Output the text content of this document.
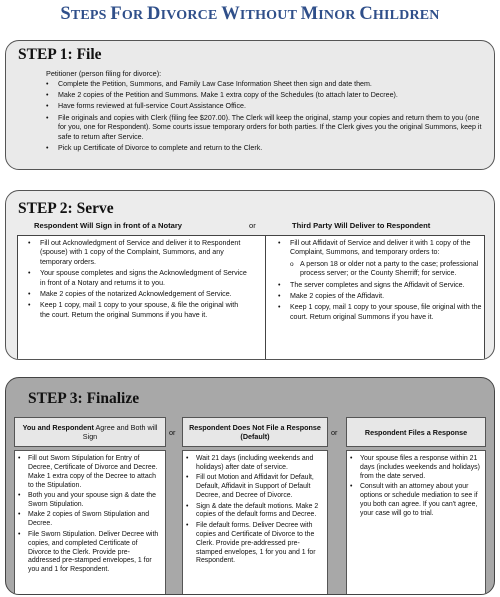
STEPS FOR DIVORCE WITHOUT MINOR CHILDREN
STEP 1: File
Petitioner (person filing for divorce):
• Complete the Petition, Summons, and Family Law Case Information Sheet then sign and date them.
• Make 2 copies of the Petition and Summons. Make 1 extra copy of the Schedules (to attach later to Decree).
• Have forms reviewed at full-service Court Assistance Office.
• File originals and copies with Clerk (filing fee $207.00). The Clerk will keep the original, stamp your copies and return them to you (one for you, one for Respondent). Some courts issue temporary orders for both parties. If the Clerk gives you the original Summons, keep it safe to return after Service.
• Pick up Certificate of Divorce to complete and return to the Clerk.
STEP 2: Serve
Respondent Will Sign in front of a Notary	or	Third Party Will Deliver to Respondent
• Fill out Acknowledgment of Service and deliver it to Respondent (spouse) with 1 copy of the Complaint, Summons, and any temporary orders.
• Your spouse completes and signs the Acknowledgment of Service in front of a Notary and returns it to you.
• Make 2 copies of the notarized Acknowledgement of Service.
• Keep 1 copy, mail 1 copy to your spouse, & file the original with the court. Return the original Summons if you have it.
• Fill out Affidavit of Service and deliver it with 1 copy of the Complaint, Summons, and temporary orders to:
o A person 18 or older not a party to the case; professional process server; or the County Sherriff; for service.
• The server completes and signs the Affidavit of Service.
• Make 2 copies of the Affidavit.
• Keep 1 copy, mail 1 copy to your spouse, file original with the court. Return original Summons if you have it.
STEP 3: Finalize
You and Respondent Agree and Both will Sign	or
Respondent Does Not File a Response (Default)	or	Respondent Files a Response
• Fill out Sworn Stipulation for Entry of Decree, Certificate of Divorce and Decree. Make 1 extra copy of the Decree to attach to the Stipulation.
• Both you and your spouse sign & date the Sworn Stipulation.
• Make 2 copies of Sworn Stipulation and Decree.
• File Sworn Stipulation. Deliver Decree with copies, and completed Certificate of Divorce to the Clerk. Provide pre-addressed pre-stamped envelopes, 1 for you and 1 for Respondent.
• Wait 21 days (including weekends and holidays) after date of service.
• Fill out Motion and Affidavit for Default, Default, Affidavit in Support of Default Decree, and Decree of Divorce.
• Sign & date the default motions. Make 2 copies of the default forms and Decree.
• File default forms. Deliver Decree with copies and Certificate of Divorce to the Clerk. Provide pre-addressed pre-stamped envelopes, 1 for you and 1 for Respondent.
• Your spouse files a response within 21 days (includes weekends and holidays) from the date served.
• Consult with an attorney about your options or schedule mediation to see if you both can agree. If you can't agree, your case will go to trial.
